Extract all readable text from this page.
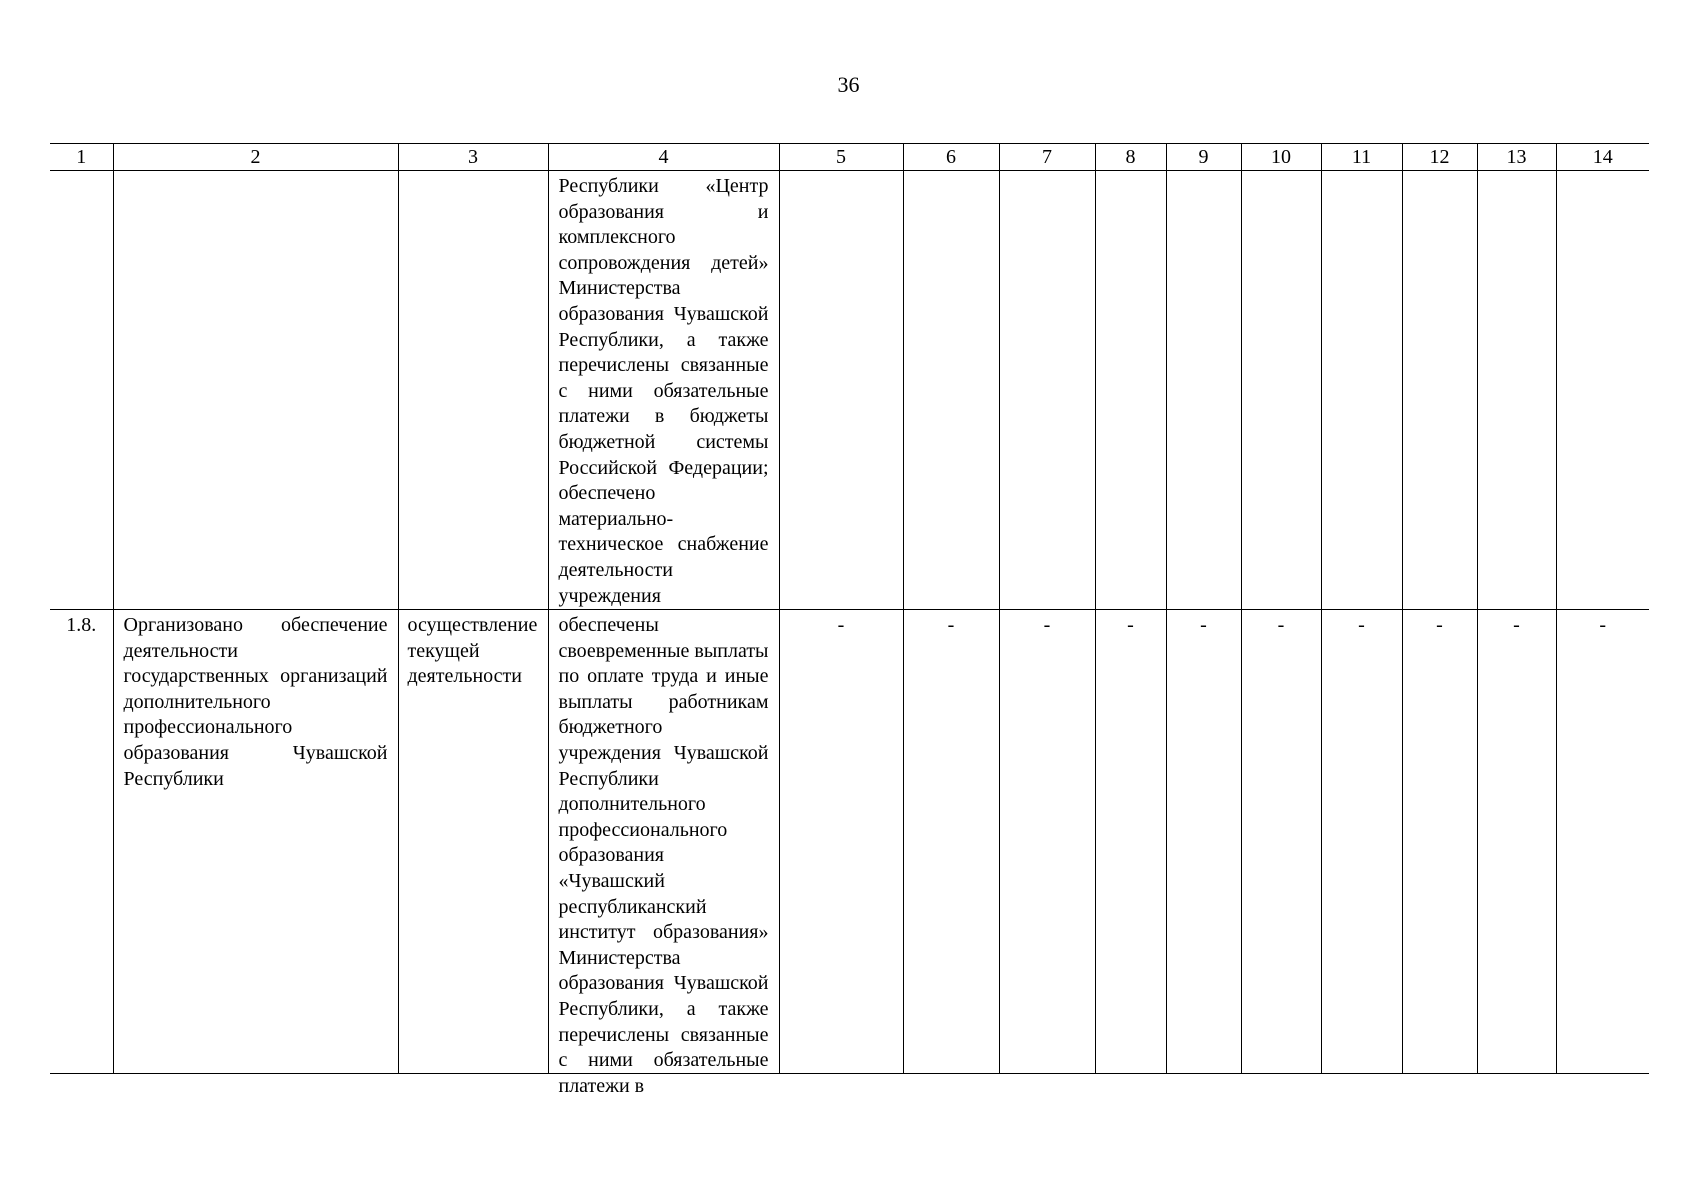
36
1	2	3	4	5	6	7	8	9	10	11	12	13	14

			Республики «Центр образования и комплексного сопровождения детей» Министерства образования Чувашской Республики, а также перечислены связанные с ними обязательные платежи в бюджеты бюджетной системы Российской Федерации; обеспечено материально-техническое снабжение деятельности учреждения										

1.8.	Организовано обеспечение деятельности государственных организаций дополнительного профессионального образования Чувашской Республики	осуществление текущей деятельности	обеспечены своевременные выплаты по оплате труда и иные выплаты работникам бюджетного учреждения Чувашской Республики дополнительного профессионального образования «Чувашский республиканский институт образования» Министерства образования Чувашской Республики, а также перечислены связанные с ними обязательные платежи в	-	-	-	-	-	-	-	-	-	-
